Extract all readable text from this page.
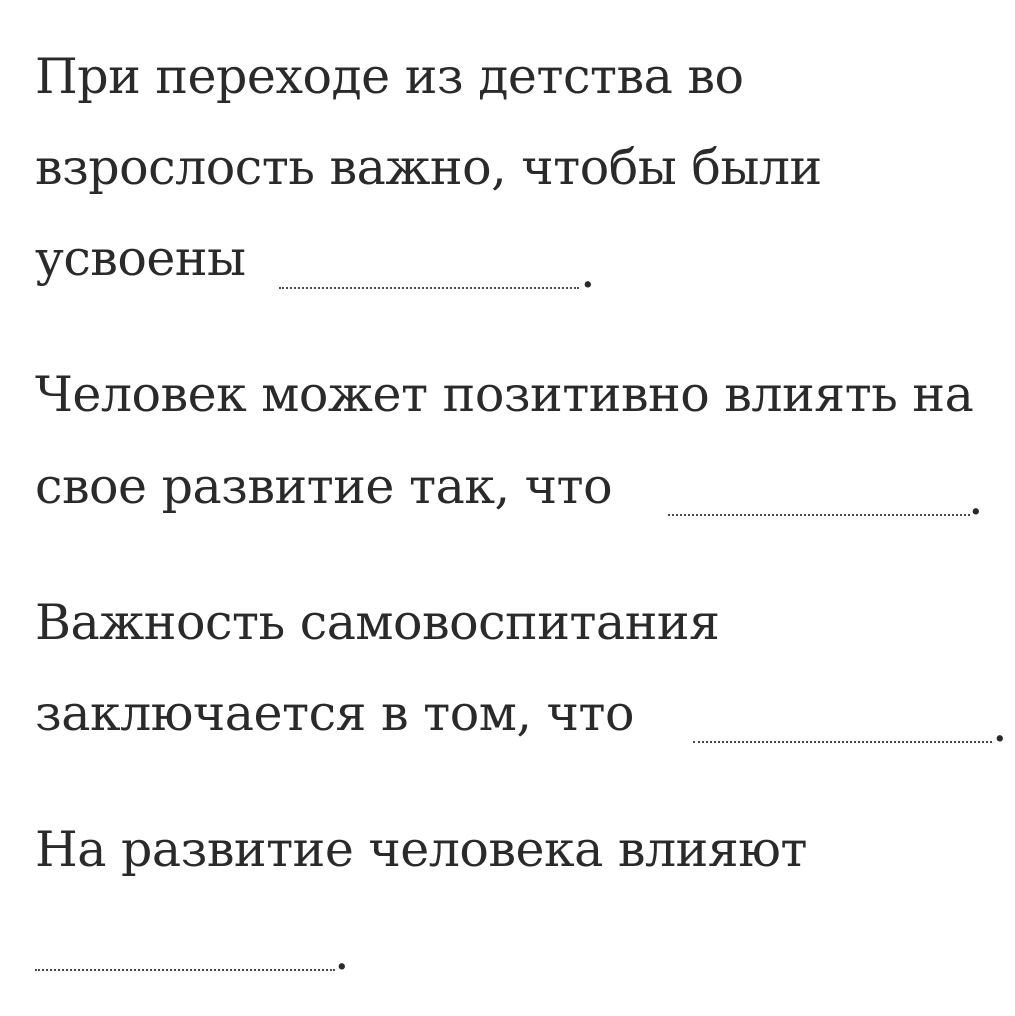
При переходе из детства во
взрослость важно, чтобы были
усвоены	.
Человек может позитивно влиять на
свое развитие так, что	.
Важность самовоспитания
заключается в том, что	.
На развитие человека влияют
.
